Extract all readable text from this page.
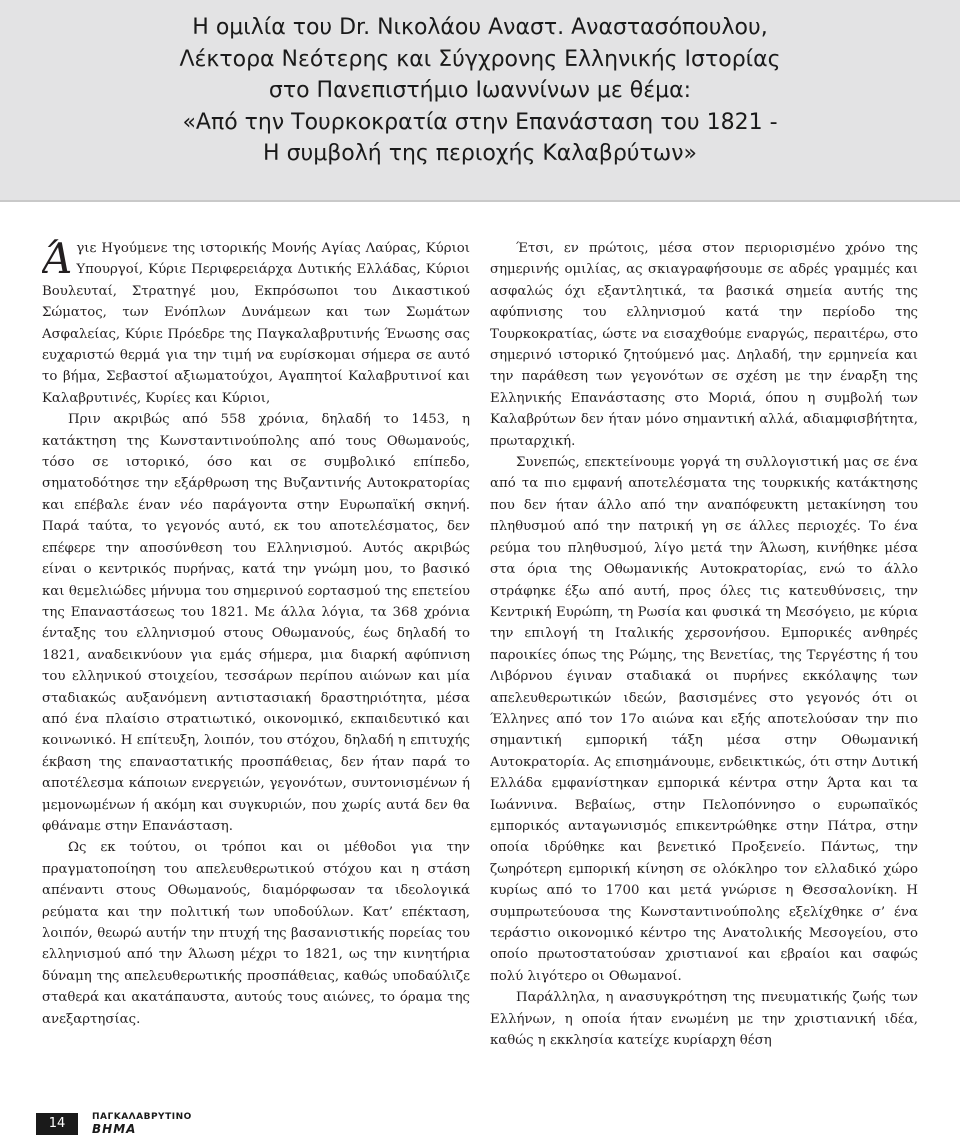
Η ομιλία του Dr. Νικολάου Αναστ. Αναστασόπουλου,
Λέκτορα Νεότερης και Σύγχρονης Ελληνικής Ιστορίας
στο Πανεπιστήμιο Ιωαννίνων με θέμα:
«Από την Τουρκοκρατία στην Επανάσταση του 1821 -
Η συμβολή της περιοχής Καλαβρύτων»

Άγιε Ηγούμενε της ιστορικής Μονής Αγίας Λαύρας, Κύριοι Υπουργοί, Κύριε Περιφερειάρχα Δυτικής Ελλάδας, Κύριοι Βουλευταί, Στρατηγέ μου, Εκπρόσωποι του Δικαστικού Σώματος, των Ενόπλων Δυνάμεων και των Σωμάτων Ασφαλείας, Κύριε Πρόεδρε της Παγκαλαβρυτινής Ένωσης σας ευχαριστώ θερμά για την τιμή να ευρίσκομαι σήμερα σε αυτό το βήμα, Σεβαστοί αξιωματούχοι, Αγαπητοί Καλαβρυτινοί και Καλαβρυτινές, Κυρίες και Κύριοι,

Πριν ακριβώς από 558 χρόνια, δηλαδή το 1453, η κατάκτηση της Κωνσταντινούπολης από τους Οθωμανούς, τόσο σε ιστορικό, όσο και σε συμβολικό επίπεδο, σηματοδότησε την εξάρθρωση της Βυζαντινής Αυτοκρατορίας και επέβαλε έναν νέο παράγοντα στην Ευρωπαϊκή σκηνή. Παρά ταύτα, το γεγονός αυτό, εκ του αποτελέσματος, δεν επέφερε την αποσύνθεση του Ελληνισμού. Αυτός ακριβώς είναι ο κεντρικός πυρήνας, κατά την γνώμη μου, το βασικό και θεμελιώδες μήνυμα του σημερινού εορτασμού της επετείου της Επαναστάσεως του 1821. Με άλλα λόγια, τα 368 χρόνια ένταξης του ελληνισμού στους Οθωμανούς, έως δηλαδή το 1821, αναδεικνύουν για εμάς σήμερα, μια διαρκή αφύπνιση του ελληνικού στοιχείου, τεσσάρων περίπου αιώνων και μία σταδιακώς αυξανόμενη αντιστασιακή δραστηριότητα, μέσα από ένα πλαίσιο στρατιωτικό, οικονομικό, εκπαιδευτικό και κοινωνικό. Η επίτευξη, λοιπόν, του στόχου, δηλαδή η επιτυχής έκβαση της επαναστατικής προσπάθειας, δεν ήταν παρά το αποτέλεσμα κάποιων ενεργειών, γεγονότων, συντονισμένων ή μεμονωμένων ή ακόμη και συγκυριών, που χωρίς αυτά δεν θα φθάναμε στην Επανάσταση.

Ως εκ τούτου, οι τρόποι και οι μέθοδοι για την πραγματοποίηση του απελευθερωτικού στόχου και η στάση απέναντι στους Οθωμανούς, διαμόρφωσαν τα ιδεολογικά ρεύματα και την πολιτική των υποδούλων. Κατ’ επέκταση, λοιπόν, θεωρώ αυτήν την πτυχή της βασανιστικής πορείας του ελληνισμού από την Άλωση μέχρι το 1821, ως την κινητήρια δύναμη της απελευθερωτικής προσπάθειας, καθώς υποδαύλιζε σταθερά και ακατάπαυστα, αυτούς τους αιώνες, το όραμα της ανεξαρτησίας.

Έτσι, εν πρώτοις, μέσα στον περιορισμένο χρόνο της σημερινής ομιλίας, ας σκιαγραφήσουμε σε αδρές γραμμές και ασφαλώς όχι εξαντλητικά, τα βασικά σημεία αυτής της αφύπνισης του ελληνισμού κατά την περίοδο της Τουρκοκρατίας, ώστε να εισαχθούμε εναργώς, περαιτέρω, στο σημερινό ιστορικό ζητούμενό μας. Δηλαδή, την ερμηνεία και την παράθεση των γεγονότων σε σχέση με την έναρξη της Ελληνικής Επανάστασης στο Μοριά, όπου η συμβολή των Καλαβρύτων δεν ήταν μόνο σημαντική αλλά, αδιαμφισβήτητα, πρωταρχική.

Συνεπώς, επεκτείνουμε γοργά τη συλλογιστική μας σε ένα από τα πιο εμφανή αποτελέσματα της τουρκικής κατάκτησης που δεν ήταν άλλο από την αναπόφευκτη μετακίνηση του πληθυσμού από την πατρική γη σε άλλες περιοχές. Το ένα ρεύμα του πληθυσμού, λίγο μετά την Άλωση, κινήθηκε μέσα στα όρια της Οθωμανικής Αυτοκρατορίας, ενώ το άλλο στράφηκε έξω από αυτή, προς όλες τις κατευθύνσεις, την Κεντρική Ευρώπη, τη Ρωσία και φυσικά τη Μεσόγειο, με κύρια την επιλογή τη Ιταλικής χερσονήσου. Εμπορικές ανθηρές παροικίες όπως της Ρώμης, της Βενετίας, της Τεργέστης ή του Λιβόρνου έγιναν σταδιακά οι πυρήνες εκκόλαψης των απελευθερωτικών ιδεών, βασισμένες στο γεγονός ότι οι Έλληνες από τον 17ο αιώνα και εξής αποτελούσαν την πιο σημαντική εμπορική τάξη μέσα στην Οθωμανική Αυτοκρατορία. Ας επισημάνουμε, ενδεικτικώς, ότι στην Δυτική Ελλάδα εμφανίστηκαν εμπορικά κέντρα στην Άρτα και τα Ιωάννινα. Βεβαίως, στην Πελοπόννησο ο ευρωπαϊκός εμπορικός ανταγωνισμός επικεντρώθηκε στην Πάτρα, στην οποία ιδρύθηκε και βενετικό Προξενείο. Πάντως, την ζωηρότερη εμπορική κίνηση σε ολόκληρο τον ελλαδικό χώρο κυρίως από το 1700 και μετά γνώρισε η Θεσσαλονίκη. Η συμπρωτεύουσα της Κωνσταντινούπολης εξελίχθηκε σ’ ένα τεράστιο οικονομικό κέντρο της Ανατολικής Μεσογείου, στο οποίο πρωτοστατούσαν χριστιανοί και εβραίοι και σαφώς πολύ λιγότερο οι Οθωμανοί.

Παράλληλα, η ανασυγκρότηση της πνευματικής ζωής των Ελλήνων, η οποία ήταν ενωμένη με την χριστιανική ιδέα, καθώς η εκκλησία κατείχε κυρίαρχη θέση

14	ΠΑΓΚΑΛΑΒΡΥΤΙΝΟ
ΒΗΜΑ
